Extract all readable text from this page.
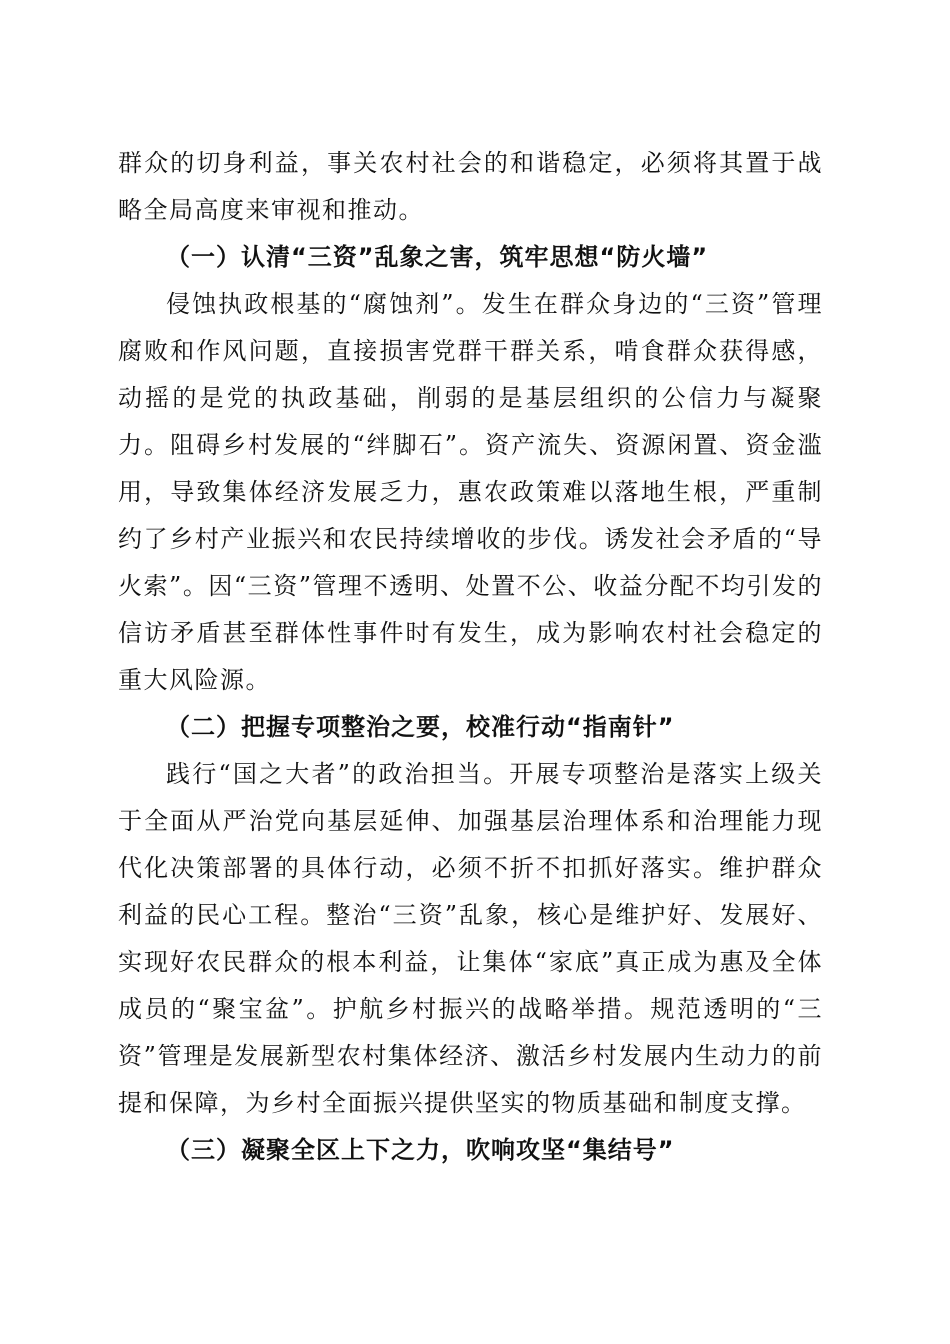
群众的切身利益，事关农村社会的和谐稳定，必须将其置于战略全局高度来审视和推动。

（一）认清“三资”乱象之害，筑牢思想“防火墙”

侵蚀执政根基的“腐蚀剂”。发生在群众身边的“三资”管理腐败和作风问题，直接损害党群干群关系，啃食群众获得感，动摇的是党的执政基础，削弱的是基层组织的公信力与凝聚力。阻碍乡村发展的“绊脚石”。资产流失、资源闲置、资金滥用，导致集体经济发展乏力，惠农政策难以落地生根，严重制约了乡村产业振兴和农民持续增收的步伐。诱发社会矛盾的“导火索”。因“三资”管理不透明、处置不公、收益分配不均引发的信访矛盾甚至群体性事件时有发生，成为影响农村社会稳定的重大风险源。

（二）把握专项整治之要，校准行动“指南针”

践行“国之大者”的政治担当。开展专项整治是落实上级关于全面从严治党向基层延伸、加强基层治理体系和治理能力现代化决策部署的具体行动，必须不折不扣抓好落实。维护群众利益的民心工程。整治“三资”乱象，核心是维护好、发展好、实现好农民群众的根本利益，让集体“家底”真正成为惠及全体成员的“聚宝盆”。护航乡村振兴的战略举措。规范透明的“三资”管理是发展新型农村集体经济、激活乡村发展内生动力的前提和保障，为乡村全面振兴提供坚实的物质基础和制度支撑。

（三）凝聚全区上下之力，吹响攻坚“集结号”
